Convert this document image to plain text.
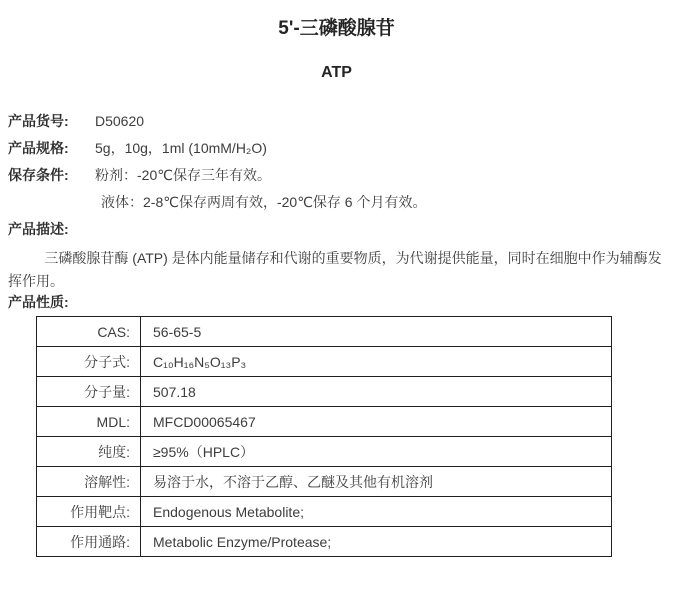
5'-三磷酸腺苷
ATP
产品货号:	D50620
产品规格:	5g，10g，1ml (10mM/H₂O)
保存条件:	粉剂：-20℃保存三年有效。
液体：2-8℃保存两周有效，-20℃保存 6 个月有效。
产品描述:

三磷酸腺苷酶 (ATP) 是体内能量储存和代谢的重要物质，为代谢提供能量，同时在细胞中作为辅酶发挥作用。

产品性质:
CAS:	56-65-5
分子式:	C₁₀H₁₆N₅O₁₃P₃
分子量:	507.18
MDL:	MFCD00065467
纯度:	≥95%（HPLC）
溶解性:	易溶于水，不溶于乙醇、乙醚及其他有机溶剂
作用靶点:	Endogenous Metabolite;
作用通路:	Metabolic Enzyme/Protease;
